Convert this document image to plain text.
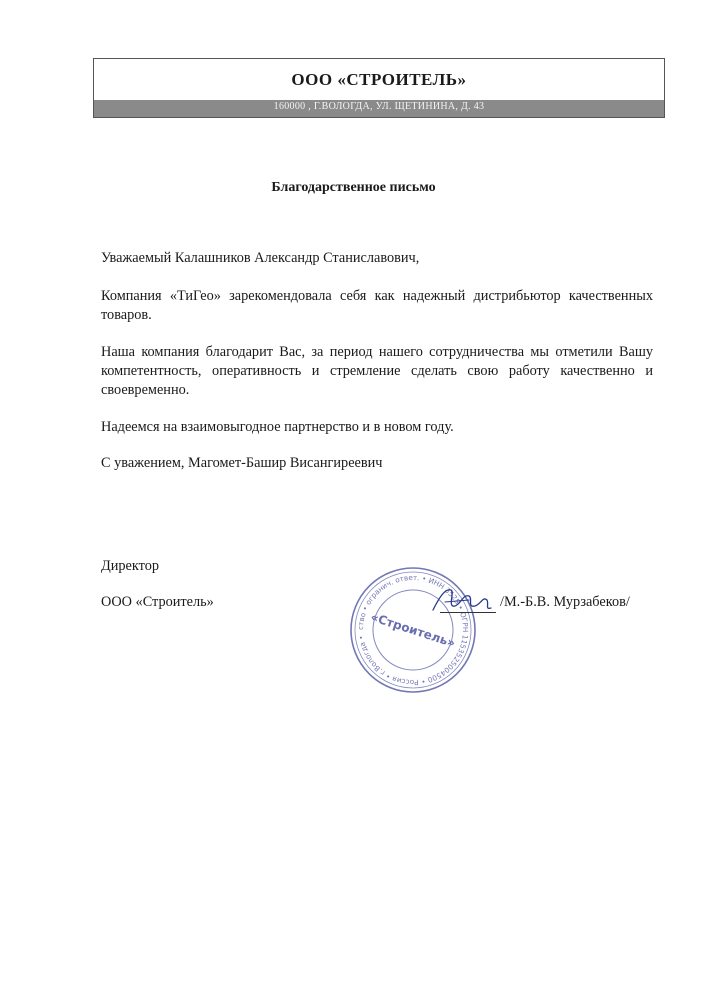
ООО «СТРОИТЕЛЬ»
160000 , Г.ВОЛОГДА, УЛ. ЩЕТИНИНА, Д. 43
Благодарственное письмо
Уважаемый Калашников Александр Станиславович,
Компания «ТиГео» зарекомендовала себя как надежный дистрибьютор качественных товаров.
Наша компания благодарит Вас, за период нашего сотрудничества мы отметили Вашу компетентность, оперативность и стремление сделать свою работу качественно и своевременно.
Надеемся на взаимовыгодное партнерство и в новом году.
С уважением, Магомет-Башир Висангиреевич
Директор
ООО «Строитель»
ство • огранич. ответ. • ИНН 3525 • ОГРН 1153525004500 • Россия • г.Вологда • «Строитель»
/М.-Б.В. Мурзабеков/
